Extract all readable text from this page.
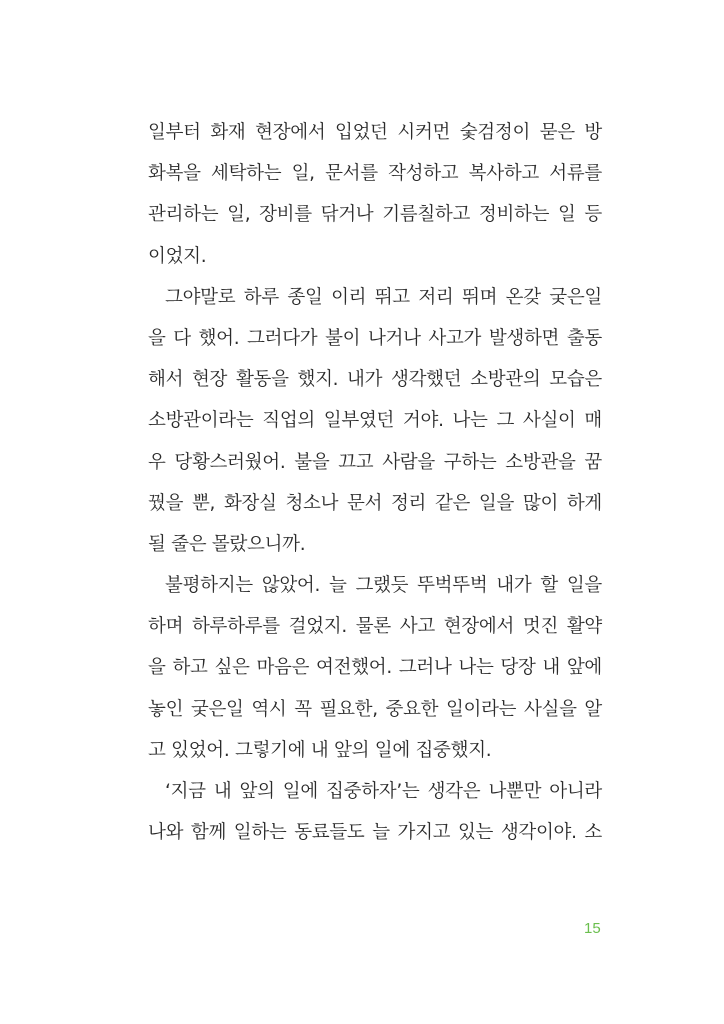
일부터 화재 현장에서 입었던 시커먼 숯검정이 묻은 방
화복을 세탁하는 일, 문서를 작성하고 복사하고 서류를
관리하는 일, 장비를 닦거나 기름칠하고 정비하는 일 등
이었지.
그야말로 하루 종일 이리 뛰고 저리 뛰며 온갖 궂은일
을 다 했어. 그러다가 불이 나거나 사고가 발생하면 출동
해서 현장 활동을 했지. 내가 생각했던 소방관의 모습은
소방관이라는 직업의 일부였던 거야. 나는 그 사실이 매
우 당황스러웠어. 불을 끄고 사람을 구하는 소방관을 꿈
꿨을 뿐, 화장실 청소나 문서 정리 같은 일을 많이 하게
될 줄은 몰랐으니까.
불평하지는 않았어. 늘 그랬듯 뚜벅뚜벅 내가 할 일을
하며 하루하루를 걸었지. 물론 사고 현장에서 멋진 활약
을 하고 싶은 마음은 여전했어. 그러나 나는 당장 내 앞에
놓인 궂은일 역시 꼭 필요한, 중요한 일이라는 사실을 알
고 있었어. 그렇기에 내 앞의 일에 집중했지.
‘지금 내 앞의 일에 집중하자’는 생각은 나뿐만 아니라
나와 함께 일하는 동료들도 늘 가지고 있는 생각이야. 소
15
